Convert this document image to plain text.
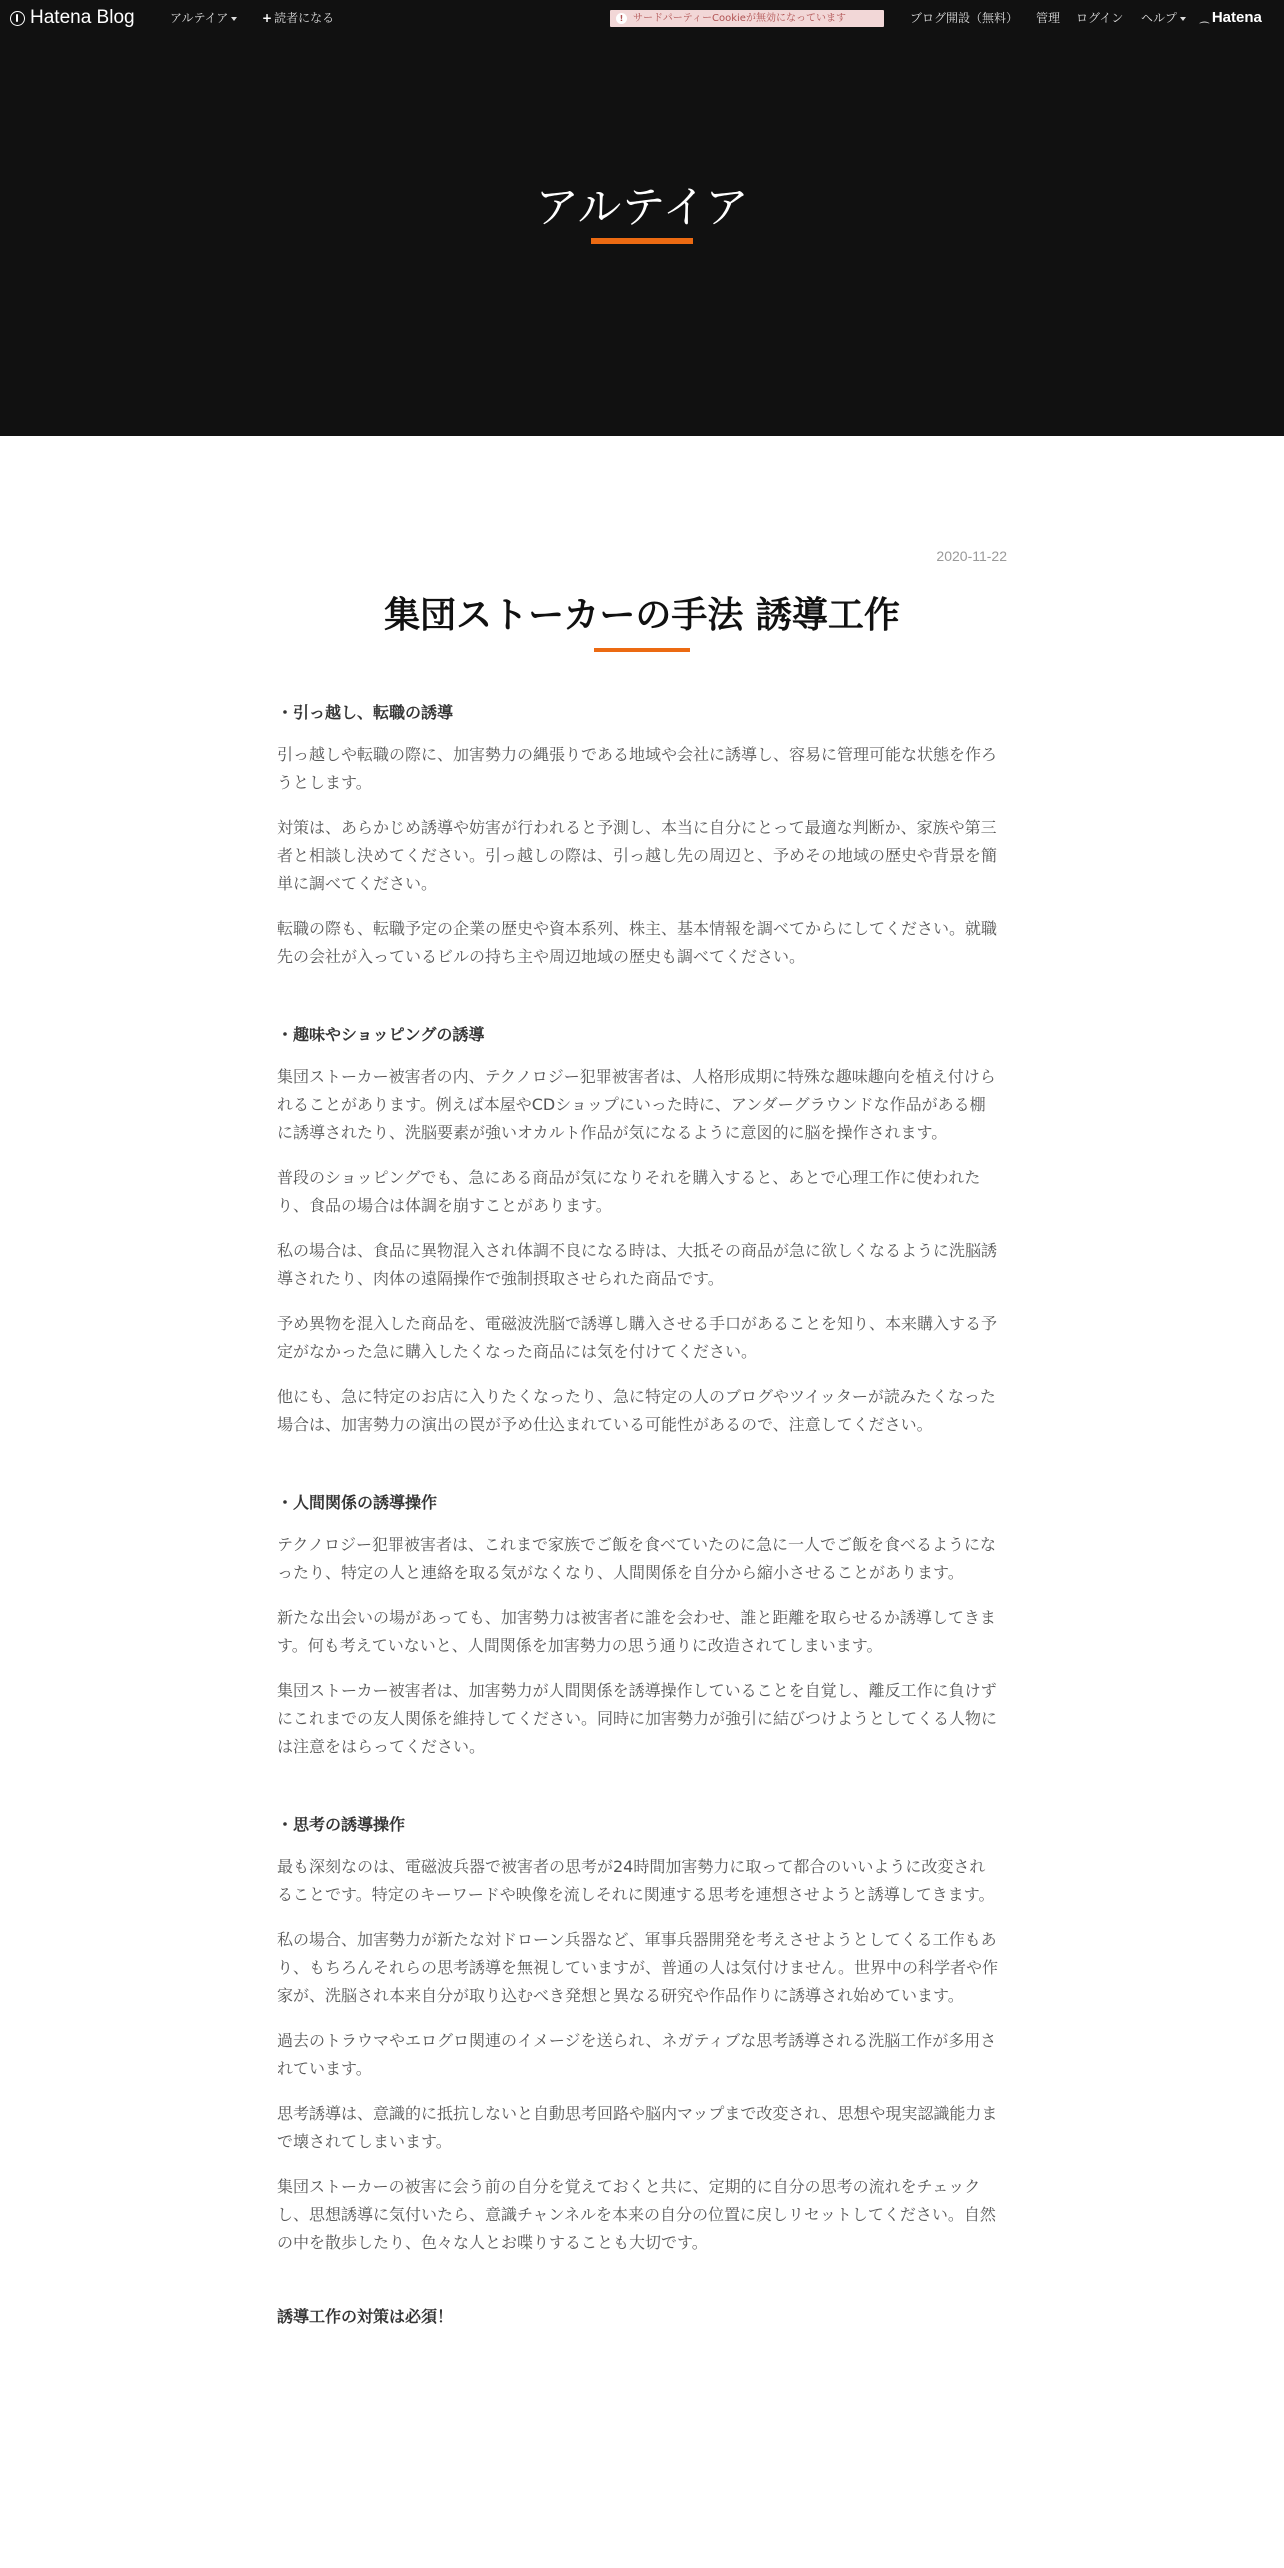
Hatena Blog	アルテイア	+ 読者になる	! サードパーティーCookieが無効になっています	ブログ開設（無料） 管理 ログイン ヘルプ	⁔ Hatena
アルテイア
2020-11-22
集団ストーカーの手法 誘導工作
・引っ越し、転職の誘導

引っ越しや転職の際に、加害勢力の縄張りである地域や会社に誘導し、容易に管理可能な状態を作ろうとします。

対策は、あらかじめ誘導や妨害が行われると予測し、本当に自分にとって最適な判断か、家族や第三者と相談し決めてください。引っ越しの際は、引っ越し先の周辺と、予めその地域の歴史や背景を簡単に調べてください。

転職の際も、転職予定の企業の歴史や資本系列、株主、基本情報を調べてからにしてください。就職先の会社が入っているビルの持ち主や周辺地域の歴史も調べてください。

・趣味やショッピングの誘導

集団ストーカー被害者の内、テクノロジー犯罪被害者は、人格形成期に特殊な趣味趣向を植え付けられることがあります。例えば本屋やCDショップにいった時に、アンダーグラウンドな作品がある棚に誘導されたり、洗脳要素が強いオカルト作品が気になるように意図的に脳を操作されます。

普段のショッピングでも、急にある商品が気になりそれを購入すると、あとで心理工作に使われたり、食品の場合は体調を崩すことがあります。

私の場合は、食品に異物混入され体調不良になる時は、大抵その商品が急に欲しくなるように洗脳誘導されたり、肉体の遠隔操作で強制摂取させられた商品です。

予め異物を混入した商品を、電磁波洗脳で誘導し購入させる手口があることを知り、本来購入する予定がなかった急に購入したくなった商品には気を付けてください。

他にも、急に特定のお店に入りたくなったり、急に特定の人のブログやツイッターが読みたくなった場合は、加害勢力の演出の罠が予め仕込まれている可能性があるので、注意してください。

・人間関係の誘導操作

テクノロジー犯罪被害者は、これまで家族でご飯を食べていたのに急に一人でご飯を食べるようになったり、特定の人と連絡を取る気がなくなり、人間関係を自分から縮小させることがあります。

新たな出会いの場があっても、加害勢力は被害者に誰を会わせ、誰と距離を取らせるか誘導してきます。何も考えていないと、人間関係を加害勢力の思う通りに改造されてしまいます。

集団ストーカー被害者は、加害勢力が人間関係を誘導操作していることを自覚し、離反工作に負けずにこれまでの友人関係を維持してください。同時に加害勢力が強引に結びつけようとしてくる人物には注意をはらってください。

・思考の誘導操作

最も深刻なのは、電磁波兵器で被害者の思考が24時間加害勢力に取って都合のいいように改変されることです。特定のキーワードや映像を流しそれに関連する思考を連想させようと誘導してきます。

私の場合、加害勢力が新たな対ドローン兵器など、軍事兵器開発を考えさせようとしてくる工作もあり、もちろんそれらの思考誘導を無視していますが、普通の人は気付けません。世界中の科学者や作家が、洗脳され本来自分が取り込むべき発想と異なる研究や作品作りに誘導され始めています。

過去のトラウマやエログロ関連のイメージを送られ、ネガティブな思考誘導される洗脳工作が多用されています。

思考誘導は、意識的に抵抗しないと自動思考回路や脳内マップまで改変され、思想や現実認識能力まで壊されてしまいます。

集団ストーカーの被害に会う前の自分を覚えておくと共に、定期的に自分の思考の流れをチェックし、思想誘導に気付いたら、意識チャンネルを本来の自分の位置に戻しリセットしてください。自然の中を散歩したり、色々な人とお喋りすることも大切です。

誘導工作の対策は必須！
